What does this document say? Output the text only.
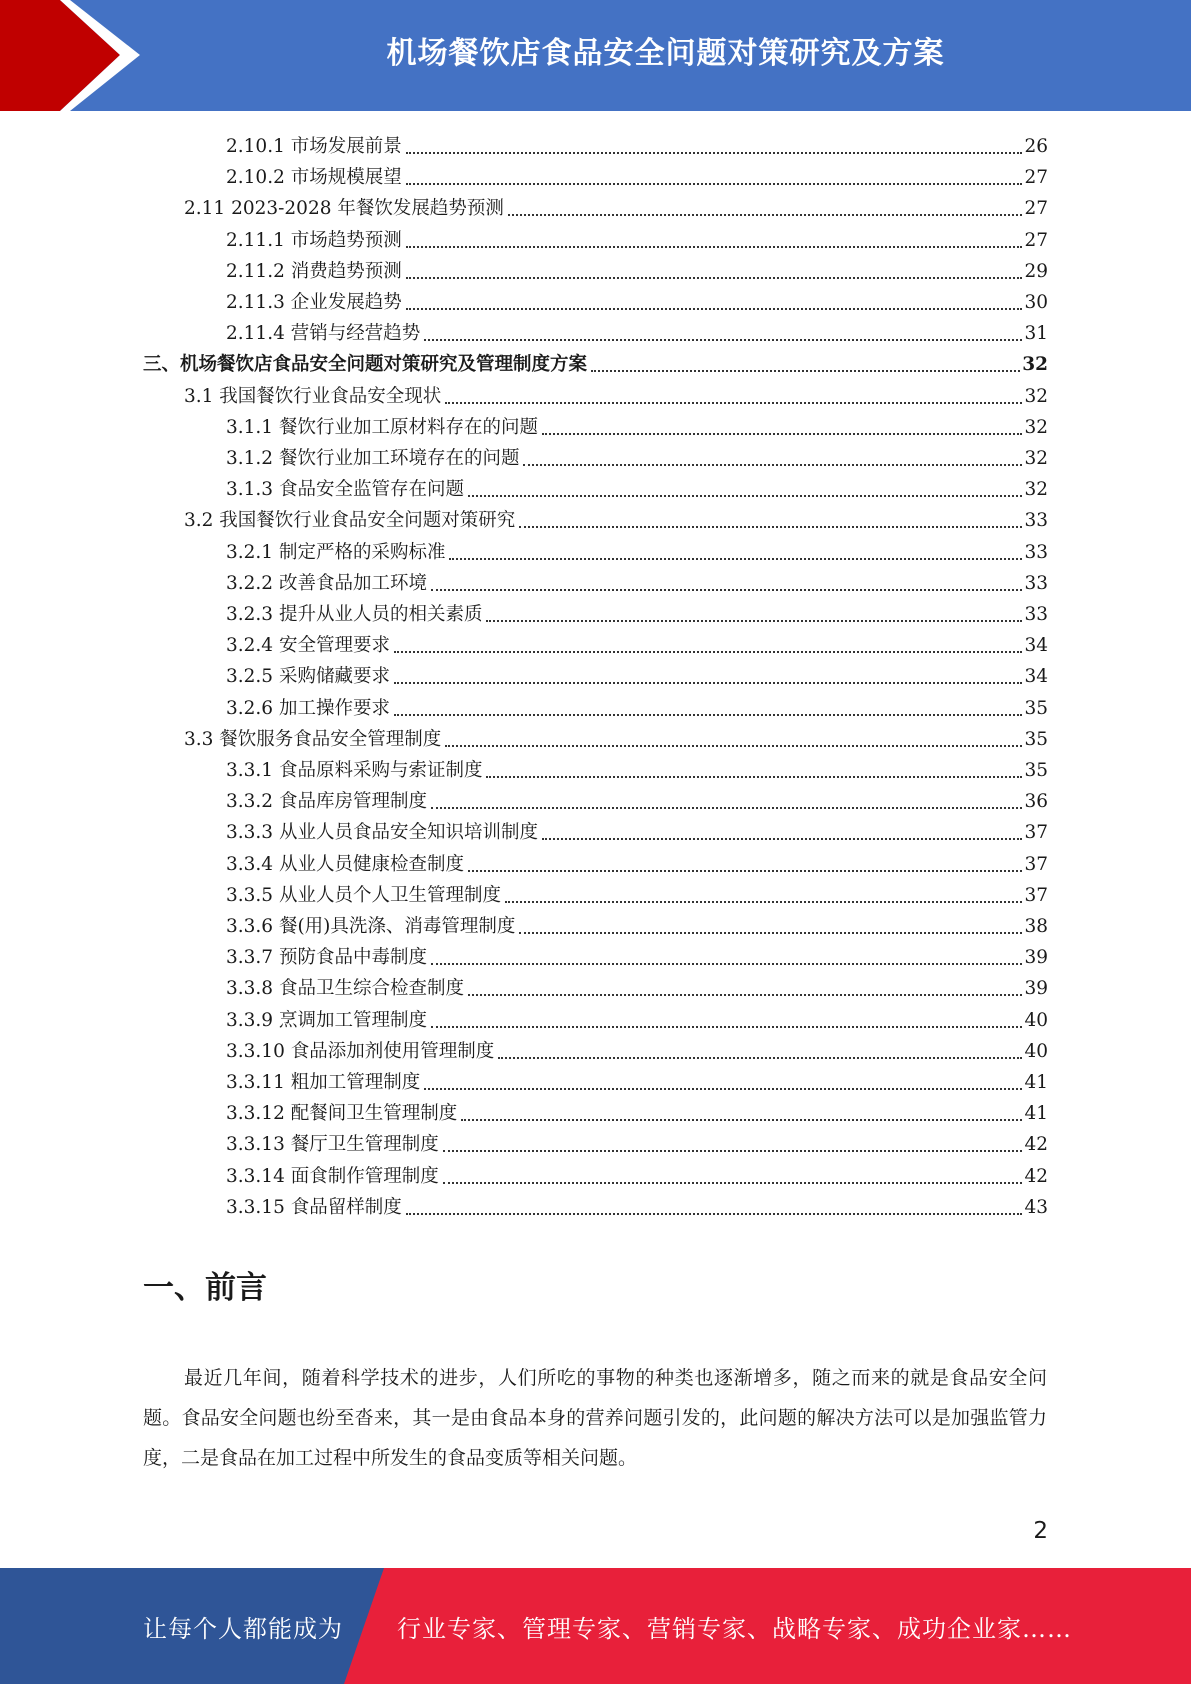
机场餐饮店食品安全问题对策研究及方案
2.10.1 市场发展前景	26
2.10.2 市场规模展望	27
2.11 2023-2028 年餐饮发展趋势预测	27
2.11.1 市场趋势预测	27
2.11.2 消费趋势预测	29
2.11.3 企业发展趋势	30
2.11.4 营销与经营趋势	31
三、机场餐饮店食品安全问题对策研究及管理制度方案	32
3.1 我国餐饮行业食品安全现状	32
3.1.1 餐饮行业加工原材料存在的问题	32
3.1.2 餐饮行业加工环境存在的问题	32
3.1.3 食品安全监管存在问题	32
3.2 我国餐饮行业食品安全问题对策研究	33
3.2.1 制定严格的采购标准	33
3.2.2 改善食品加工环境	33
3.2.3 提升从业人员的相关素质	33
3.2.4 安全管理要求	34
3.2.5 采购储藏要求	34
3.2.6 加工操作要求	35
3.3 餐饮服务食品安全管理制度	35
3.3.1 食品原料采购与索证制度	35
3.3.2 食品库房管理制度	36
3.3.3 从业人员食品安全知识培训制度	37
3.3.4 从业人员健康检查制度	37
3.3.5 从业人员个人卫生管理制度	37
3.3.6 餐(用)具洗涤、消毒管理制度	38
3.3.7 预防食品中毒制度	39
3.3.8 食品卫生综合检查制度	39
3.3.9 烹调加工管理制度	40
3.3.10 食品添加剂使用管理制度	40
3.3.11 粗加工管理制度	41
3.3.12 配餐间卫生管理制度	41
3.3.13 餐厅卫生管理制度	42
3.3.14 面食制作管理制度	42
3.3.15 食品留样制度	43
一、前言
最近几年间，随着科学技术的进步，人们所吃的事物的种类也逐渐增多，随之而来的就是食品安全问题。食品安全问题也纷至沓来，其一是由食品本身的营养问题引发的，此问题的解决方法可以是加强监管力度，二是食品在加工过程中所发生的食品变质等相关问题。
2
让每个人都能成为 行业专家、管理专家、营销专家、战略专家、成功企业家……
